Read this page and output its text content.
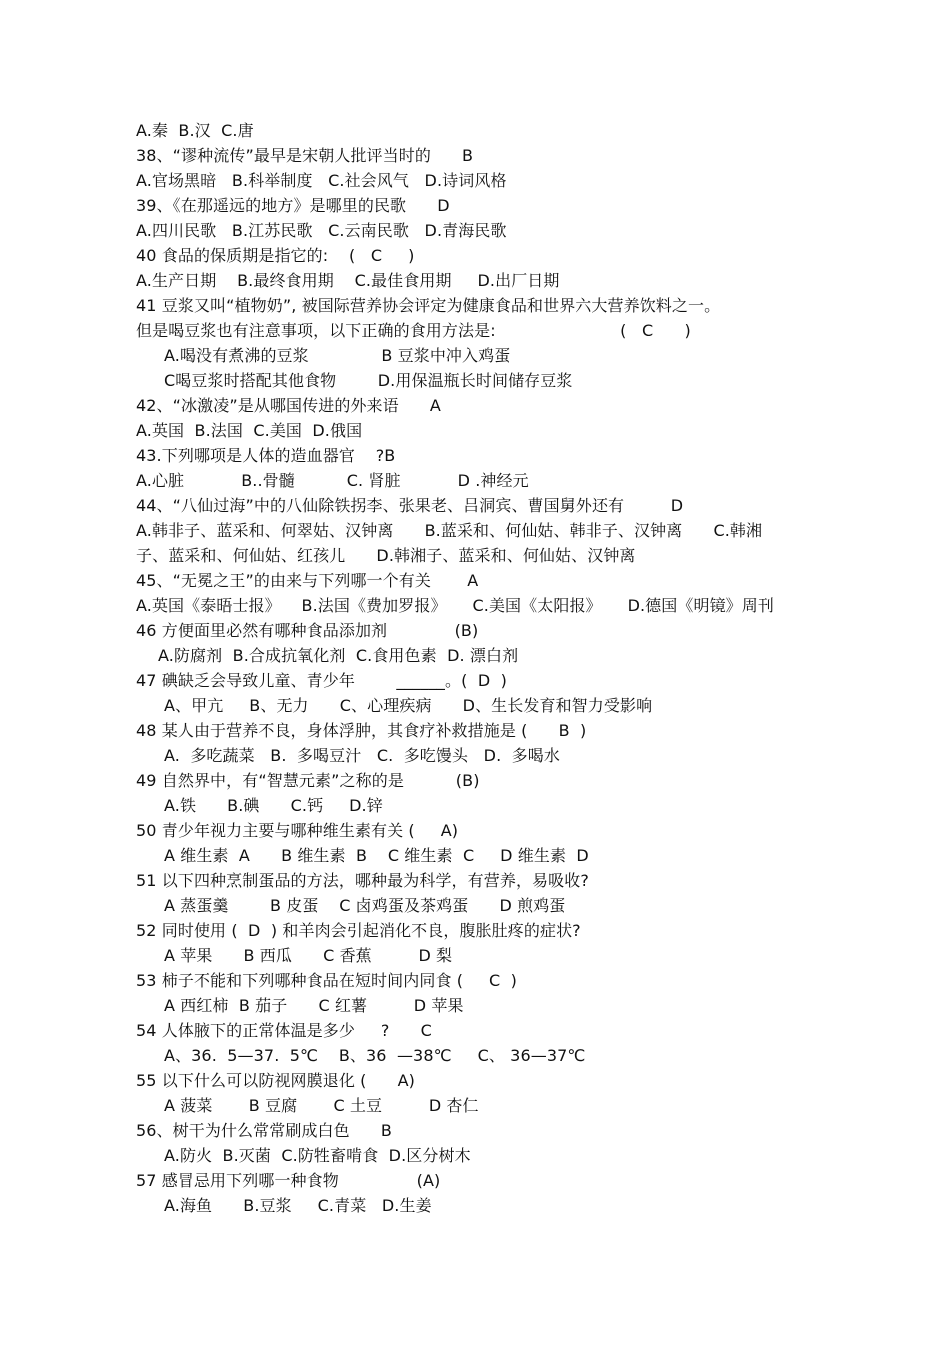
A.秦  B.汉  C.唐
38、“谬种流传”最早是宋朝人批评当时的      B
A.官场黑暗   B.科举制度   C.社会风气   D.诗词风格
39、《在那遥远的地方》是哪里的民歌      D
A.四川民歌   B.江苏民歌   C.云南民歌   D.青海民歌
40 食品的保质期是指它的:    (   C     )
A.生产日期    B.最终食用期    C.最佳食用期     D.出厂日期
41 豆浆又叫“植物奶”, 被国际营养协会评定为健康食品和世界六大营养饮料之一。
但是喝豆浆也有注意事项，以下正确的食用方法是:                        (   C      )
A.喝没有煮沸的豆浆              B 豆浆中冲入鸡蛋
C喝豆浆时搭配其他食物        D.用保温瓶长时间储存豆浆
42、“冰激凌”是从哪国传进的外来语      A
A.英国  B.法国  C.美国  D.俄国
43.下列哪项是人体的造血器官    ?B
A.心脏           B..骨髓          C. 肾脏           D .神经元
44、“八仙过海”中的八仙除铁拐李、张果老、吕洞宾、曹国舅外还有         D
A.韩非子、蓝采和、何翠姑、汉钟离      B.蓝采和、何仙姑、韩非子、汉钟离      C.韩湘
子、蓝采和、何仙姑、红孩儿      D.韩湘子、蓝采和、何仙姑、汉钟离
45、“无冕之王”的由来与下列哪一个有关       A
A.英国《泰晤士报》    B.法国《费加罗报》     C.美国《太阳报》     D.德国《明镜》周刊
46 方便面里必然有哪种食品添加剂             (B)
A.防腐剂  B.合成抗氧化剂  C.食用色素  D. 漂白剂
47 碘缺乏会导致儿童、青少年        ______。(  D  )
A、甲亢     B、无力      C、心理疾病      D、生长发育和智力受影响
48 某人由于营养不良，身体浮肿，其食疗补救措施是 (      B  )
A.  多吃蔬菜   B.  多喝豆汁   C.  多吃馒头   D.  多喝水
49 自然界中，有“智慧元素”之称的是          (B)
A.铁      B.碘      C.钙     D.锌
50 青少年视力主要与哪种维生素有关 (     A)
A 维生素  A      B 维生素  B    C 维生素  C     D 维生素  D
51 以下四种烹制蛋品的方法，哪种最为科学，有营养，易吸收?
A 蒸蛋羹        B 皮蛋    C 卤鸡蛋及茶鸡蛋      D 煎鸡蛋
52 同时使用 (  D  ) 和羊肉会引起消化不良，腹胀肚疼的症状?
A 苹果      B 西瓜      C 香蕉         D 梨
53 柿子不能和下列哪种食品在短时间内同食 (     C  )
A 西红柿  B 茄子      C 红薯         D 苹果
54 人体腋下的正常体温是多少     ?      C
A、36.  5—37.  5℃    B、36  —38℃     C、 36—37℃
55 以下什么可以防视网膜退化 (      A)
A 菠菜       B 豆腐       C 土豆         D 杏仁
56、树干为什么常常刷成白色      B
A.防火  B.灭菌  C.防牲畜啃食  D.区分树木
57 感冒忌用下列哪一种食物               (A)
A.海鱼      B.豆浆     C.青菜   D.生姜
